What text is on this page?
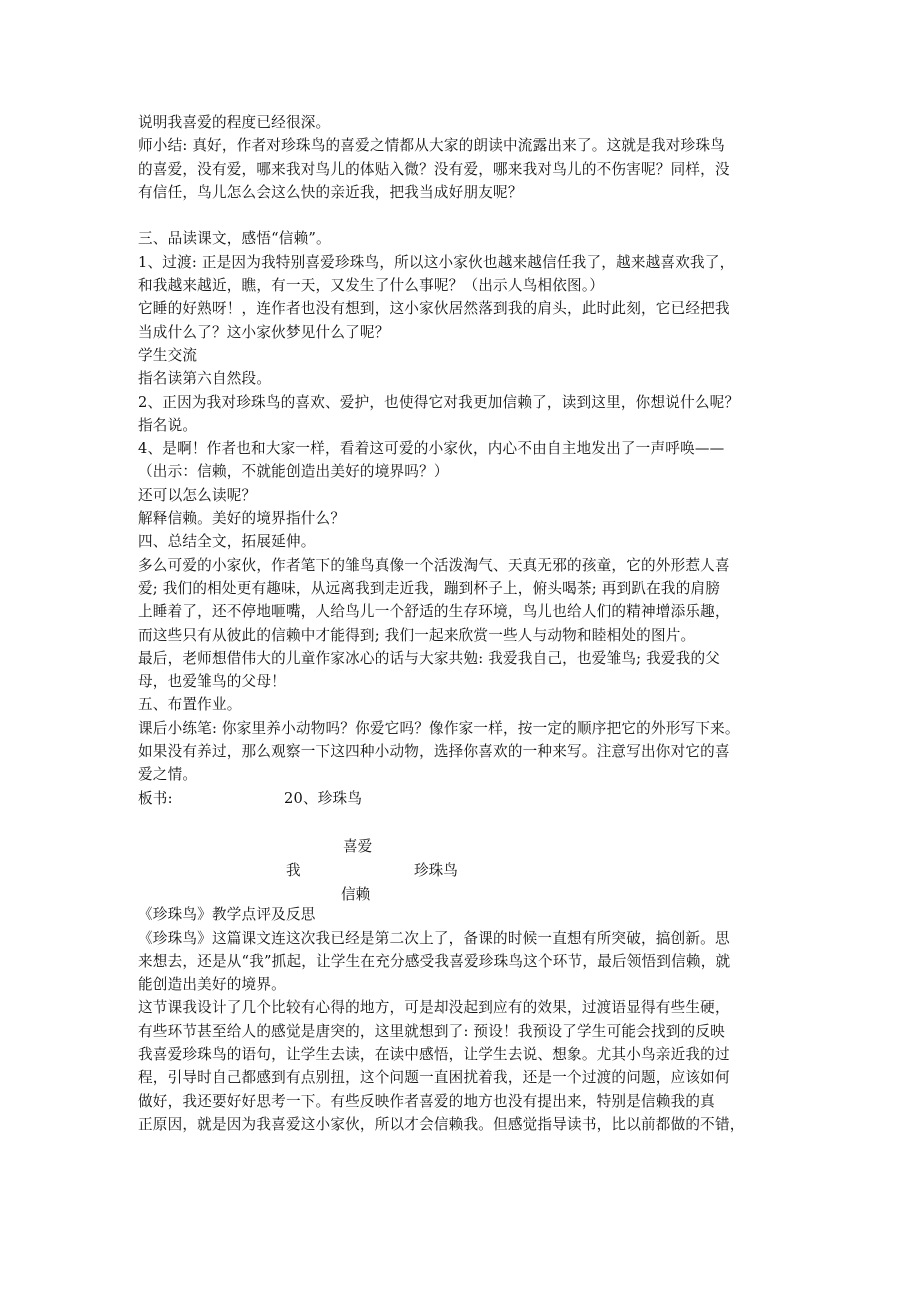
说明我喜爱的程度已经很深。
师小结: 真好，作者对珍珠鸟的喜爱之情都从大家的朗读中流露出来了。这就是我对珍珠鸟
的喜爱，没有爱，哪来我对鸟儿的体贴入微？没有爱，哪来我对鸟儿的不伤害呢？同样，没
有信任，鸟儿怎么会这么快的亲近我，把我当成好朋友呢？
三、品读课文，感悟“信赖”。
1、过渡: 正是因为我特别喜爱珍珠鸟，所以这小家伙也越来越信任我了，越来越喜欢我了，
和我越来越近，瞧，有一天，又发生了什么事呢？（出示人鸟相依图。）
它睡的好熟呀！，连作者也没有想到，这小家伙居然落到我的肩头，此时此刻，它已经把我
当成什么了？这小家伙梦见什么了呢？
学生交流
指名读第六自然段。
2、正因为我对珍珠鸟的喜欢、爱护，也使得它对我更加信赖了，读到这里，你想说什么呢？
指名说。
4、是啊！作者也和大家一样，看着这可爱的小家伙，内心不由自主地发出了一声呼唤——
（出示：信赖，不就能创造出美好的境界吗？）
还可以怎么读呢？
解释信赖。美好的境界指什么？
四、总结全文，拓展延伸。
多么可爱的小家伙，作者笔下的雏鸟真像一个活泼淘气、天真无邪的孩童，它的外形惹人喜
爱; 我们的相处更有趣味，从远离我到走近我，蹦到杯子上，俯头喝茶; 再到趴在我的肩膀
上睡着了，还不停地咂嘴，人给鸟儿一个舒适的生存环境，鸟儿也给人们的精神增添乐趣，
而这些只有从彼此的信赖中才能得到; 我们一起来欣赏一些人与动物和睦相处的图片。
最后，老师想借伟大的儿童作家冰心的话与大家共勉: 我爱我自己，也爱雏鸟; 我爱我的父
母，也爱雏鸟的父母！
五、布置作业。
课后小练笔: 你家里养小动物吗？你爱它吗？像作家一样，按一定的顺序把它的外形写下来。
如果没有养过，那么观察一下这四种小动物，选择你喜欢的一种来写。注意写出你对它的喜
爱之情。
板书:	20、珍珠鸟
喜爱
我	珍珠鸟
信赖
《珍珠鸟》教学点评及反思
《珍珠鸟》这篇课文连这次我已经是第二次上了，备课的时候一直想有所突破，搞创新。思
来想去，还是从“我”抓起，让学生在充分感受我喜爱珍珠鸟这个环节，最后领悟到信赖，就
能创造出美好的境界。
这节课我设计了几个比较有心得的地方，可是却没起到应有的效果，过渡语显得有些生硬，
有些环节甚至给人的感觉是唐突的，这里就想到了: 预设！我预设了学生可能会找到的反映
我喜爱珍珠鸟的语句，让学生去读，在读中感悟，让学生去说、想象。尤其小鸟亲近我的过
程，引导时自己都感到有点别扭，这个问题一直困扰着我，还是一个过渡的问题，应该如何
做好，我还要好好思考一下。有些反映作者喜爱的地方也没有提出来，特别是信赖我的真
正原因，就是因为我喜爱这小家伙，所以才会信赖我。但感觉指导读书，比以前都做的不错，
